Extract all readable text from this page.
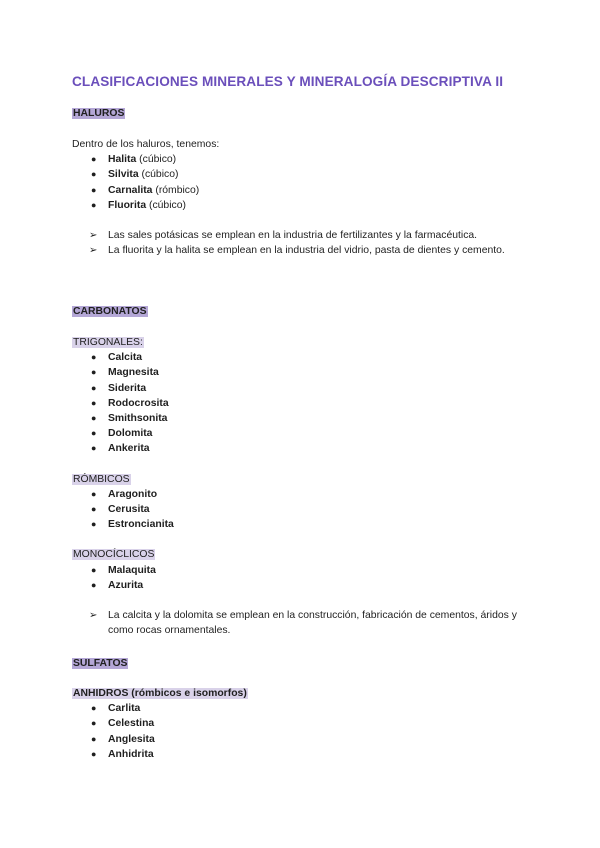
CLASIFICACIONES MINERALES Y MINERALOGÍA DESCRIPTIVA II
HALUROS

Dentro de los haluros, tenemos:

● Halita (cúbico)
● Silvita (cúbico)
● Carnalita (rómbico)
● Fluorita (cúbico)
➢ Las sales potásicas se emplean en la industria de fertilizantes y la farmacéutica.
➢ La fluorita y la halita se emplean en la industria del vidrio, pasta de dientes y cemento.
CARBONATOS
TRIGONALES:
● Calcita
● Magnesita
● Siderita
● Rodocrosita
● Smithsonita
● Dolomita
● Ankerita
RÓMBICOS
● Aragonito
● Cerusita
● Estroncianita
MONOCÍCLICOS
● Malaquita
● Azurita
➢ La calcita y la dolomita se emplean en la construcción, fabricación de cementos, áridos y como rocas ornamentales.
SULFATOS
ANHIDROS (rómbicos e isomorfos)
● Carlita
● Celestina
● Anglesita
● Anhidrita
